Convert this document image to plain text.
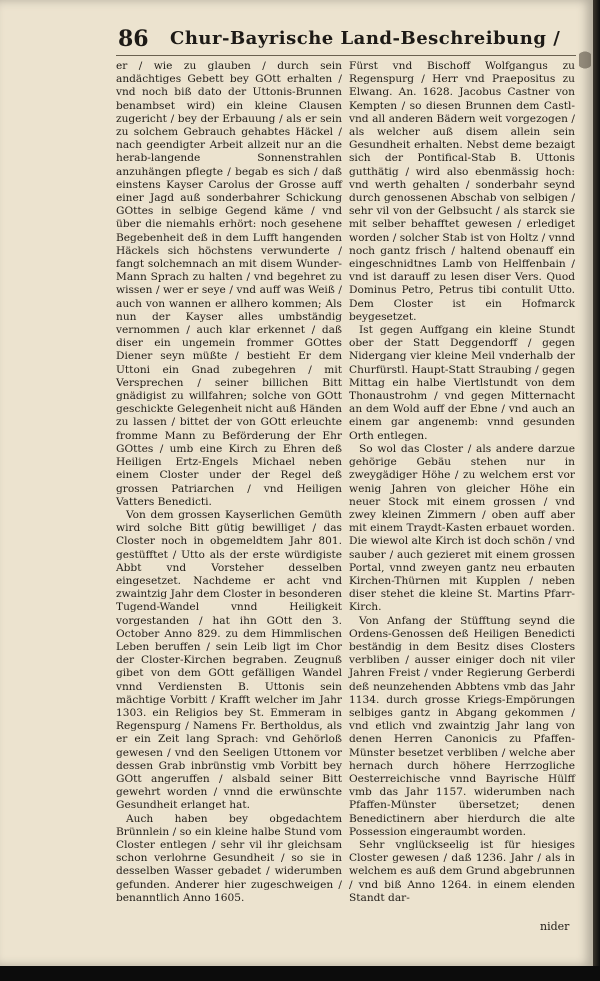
86 Chur-Bayrische Land-Beschreibung /

er / wie zu glauben / durch sein andächtiges Gebett bey GOtt erhalten / vnd noch biß dato der Uttonis-Brunnen benambset wird) ein kleine Clausen zugericht / bey der Erbauung / als er sein zu solchem Gebrauch gehabtes Häckel / nach geendigter Arbeit allzeit nur an die herab-langende Sonnenstrahlen anzuhängen pflegte / begab es sich / daß einstens Kayser Carolus der Grosse auff einer Jagd auß sonderbahrer Schickung GOttes in selbige Gegend käme / vnd über die niemahls erhört: noch gesehene Begebenheit deß in dem Lufft hangenden Häckels sich höchstens verwunderte / fangt solchemnach an mit disem Wunder-Mann Sprach zu halten / vnd begehret zu wissen / wer er seye / vnd auff was Weiß / auch von wannen er allhero kommen; Als nun der Kayser alles umbständig vernommen / auch klar erkennet / daß diser ein ungemein frommer GOttes Diener seyn müßte / bestieht Er dem Uttoni ein Gnad zubegehren / mit Versprechen / seiner billichen Bitt gnädigist zu willfahren; solche von GOtt geschickte Gelegenheit nicht auß Händen zu lassen / bittet der von GOtt erleuchte fromme Mann zu Beförderung der Ehr GOttes / umb eine Kirch zu Ehren deß Heiligen Ertz-Engels Michael neben einem Closter under der Regel deß grossen Patriarchen / vnd Heiligen Vatters Benedicti.

Von dem grossen Kayserlichen Gemüth wird solche Bitt gütig bewilliget / das Closter noch in obgemeldtem Jahr 801. gestüfftet / Utto als der erste würdigiste Abbt vnd Vorsteher desselben eingesetzet. Nachdeme er acht vnd zwaintzig Jahr dem Closter in besonderen Tugend-Wandel vnnd Heiligkeit vorgestanden / hat ihn GOtt den 3. October Anno 829. zu dem Himmlischen Leben beruffen / sein Leib ligt im Chor der Closter-Kirchen begraben. Zeugnuß gibet von dem GOtt gefälligen Wandel vnnd Verdiensten B. Uttonis sein mächtige Vorbitt / Krafft welcher im Jahr 1303. ein Religios bey St. Emmeram in Regenspurg / Namens Fr. Bertholdus, als er ein Zeit lang Sprach: vnd Gehörloß gewesen / vnd den Seeligen Uttonem vor dessen Grab inbrünstig vmb Vorbitt bey GOtt angeruffen / alsbald seiner Bitt gewehrt worden / vnnd die erwünschte Gesundheit erlanget hat.

Auch haben bey obgedachtem Brünnlein / so ein kleine halbe Stund vom Closter entlegen / sehr vil ihr gleichsam schon verlohrne Gesundheit / so sie in desselben Wasser gebadet / widerumben gefunden. Anderer hier zugeschweigen / benanntlich Anno 1605.

Fürst vnd Bischoff Wolfgangus zu Regenspurg / Herr vnd Praepositus zu Elwang. An. 1628. Jacobus Castner von Kempten / so diesen Brunnen dem Castl-vnd all anderen Bädern weit vorgezogen / als welcher auß disem allein sein Gesundheit erhalten. Nebst deme bezaigt sich der Pontifical-Stab B. Uttonis gutthätig / wird also ebenmässig hoch: vnd werth gehalten / sonderbahr seynd durch genossenen Abschab von selbigen / sehr vil von der Gelbsucht / als starck sie mit selber behafftet gewesen / erlediget worden / solcher Stab ist von Holtz / vnnd noch gantz frisch / haltend obenauff ein eingeschnidtnes Lamb von Helffenbain / vnd ist darauff zu lesen diser Vers. Quod Dominus Petro, Petrus tibi contulit Utto. Dem Closter ist ein Hofmarck beygesetzet.

Ist gegen Auffgang ein kleine Stundt ober der Statt Deggendorff / gegen Nidergang vier kleine Meil vnderhalb der Churfürstl. Haupt-Statt Straubing / gegen Mittag ein halbe Viertlstundt von dem Thonaustrohm / vnd gegen Mitternacht an dem Wold auff der Ebne / vnd auch an einem gar angenemb: vnnd gesunden Orth entlegen.

So wol das Closter / als andere darzue gehörige Gebäu stehen nur in zweygädiger Höhe / zu welchem erst vor wenig Jahren von gleicher Höhe ein neuer Stock mit einem grossen / vnd zwey kleinen Zimmern / oben auff aber mit einem Traydt-Kasten erbauet worden. Die wiewol alte Kirch ist doch schön / vnd sauber / auch gezieret mit einem grossen Portal, vnnd zweyen gantz neu erbauten Kirchen-Thürnen mit Kupplen / neben diser stehet die kleine St. Martins Pfarr-Kirch.

Von Anfang der Stüfftung seynd die Ordens-Genossen deß Heiligen Benedicti beständig in dem Besitz dises Closters verbliben / ausser einiger doch nit viler Jahren Freist / vnder Regierung Gerberdi deß neunzehenden Abbtens vmb das Jahr 1134. durch grosse Kriegs-Empörungen selbiges gantz in Abgang gekommen / vnd etlich vnd zwaintzig Jahr lang von denen Herren Canonicis zu Pfaffen-Münster besetzet verbliben / welche aber hernach durch höhere Herrzogliche Oesterreichische vnnd Bayrische Hülff vmb das Jahr 1157. widerumben nach Pfaffen-Münster übersetzet; denen Benedictinern aber hierdurch die alte Possession eingeraumbt worden.

Sehr vnglückseelig ist für hiesiges Closter gewesen / daß 1236. Jahr / als in welchem es auß dem Grund abgebrunnen / vnd biß Anno 1264. in einem elenden Standt dar-

nider
